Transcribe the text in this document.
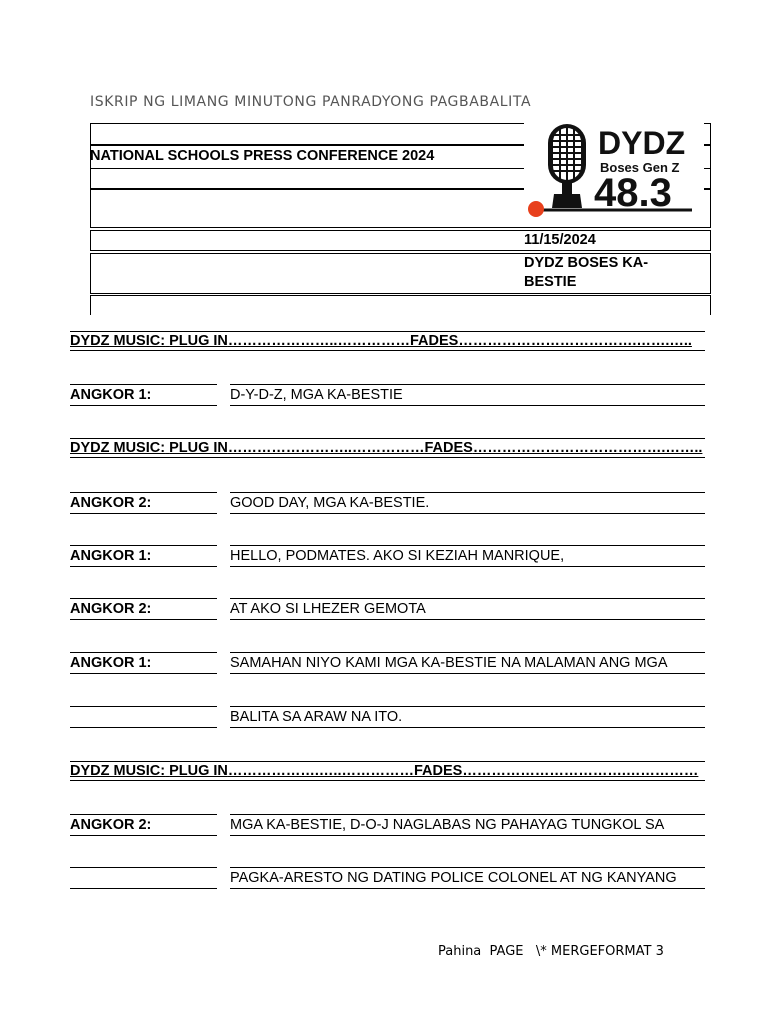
ISKRIP NG LIMANG MINUTONG PANRADYONG PAGBABALITA
NATIONAL SCHOOLS PRESS CONFERENCE 2024
11/15/2024
DYDZ BOSES KA-
BESTIE
DYDZ
Boses Gen Z
48.3
DYDZ MUSIC: PLUG IN…………………..……………FADES……………………………….…….…..
ANGKOR 1:	D-Y-D-Z, MGA KA-BESTIE
DYDZ MUSIC: PLUG IN……………………..……………FADES………………………………….……..
ANGKOR 2:	GOOD DAY, MGA KA-BESTIE.
ANGKOR 1:	HELLO, PODMATES. AKO SI KEZIAH MANRIQUE,
ANGKOR 2:	AT AKO SI LHEZER GEMOTA
ANGKOR 1:	SAMAHAN NIYO KAMI MGA KA-BESTIE NA MALAMAN ANG MGA
BALITA SA ARAW NA ITO.
DYDZ MUSIC: PLUG IN……………….…..……………FADES…………………………….……………
ANGKOR 2:	MGA KA-BESTIE, D-O-J NAGLABAS NG PAHAYAG TUNGKOL SA
PAGKA-ARESTO NG DATING POLICE COLONEL AT NG KANYANG
Pahina PAGE   \* MERGEFORMAT 3
